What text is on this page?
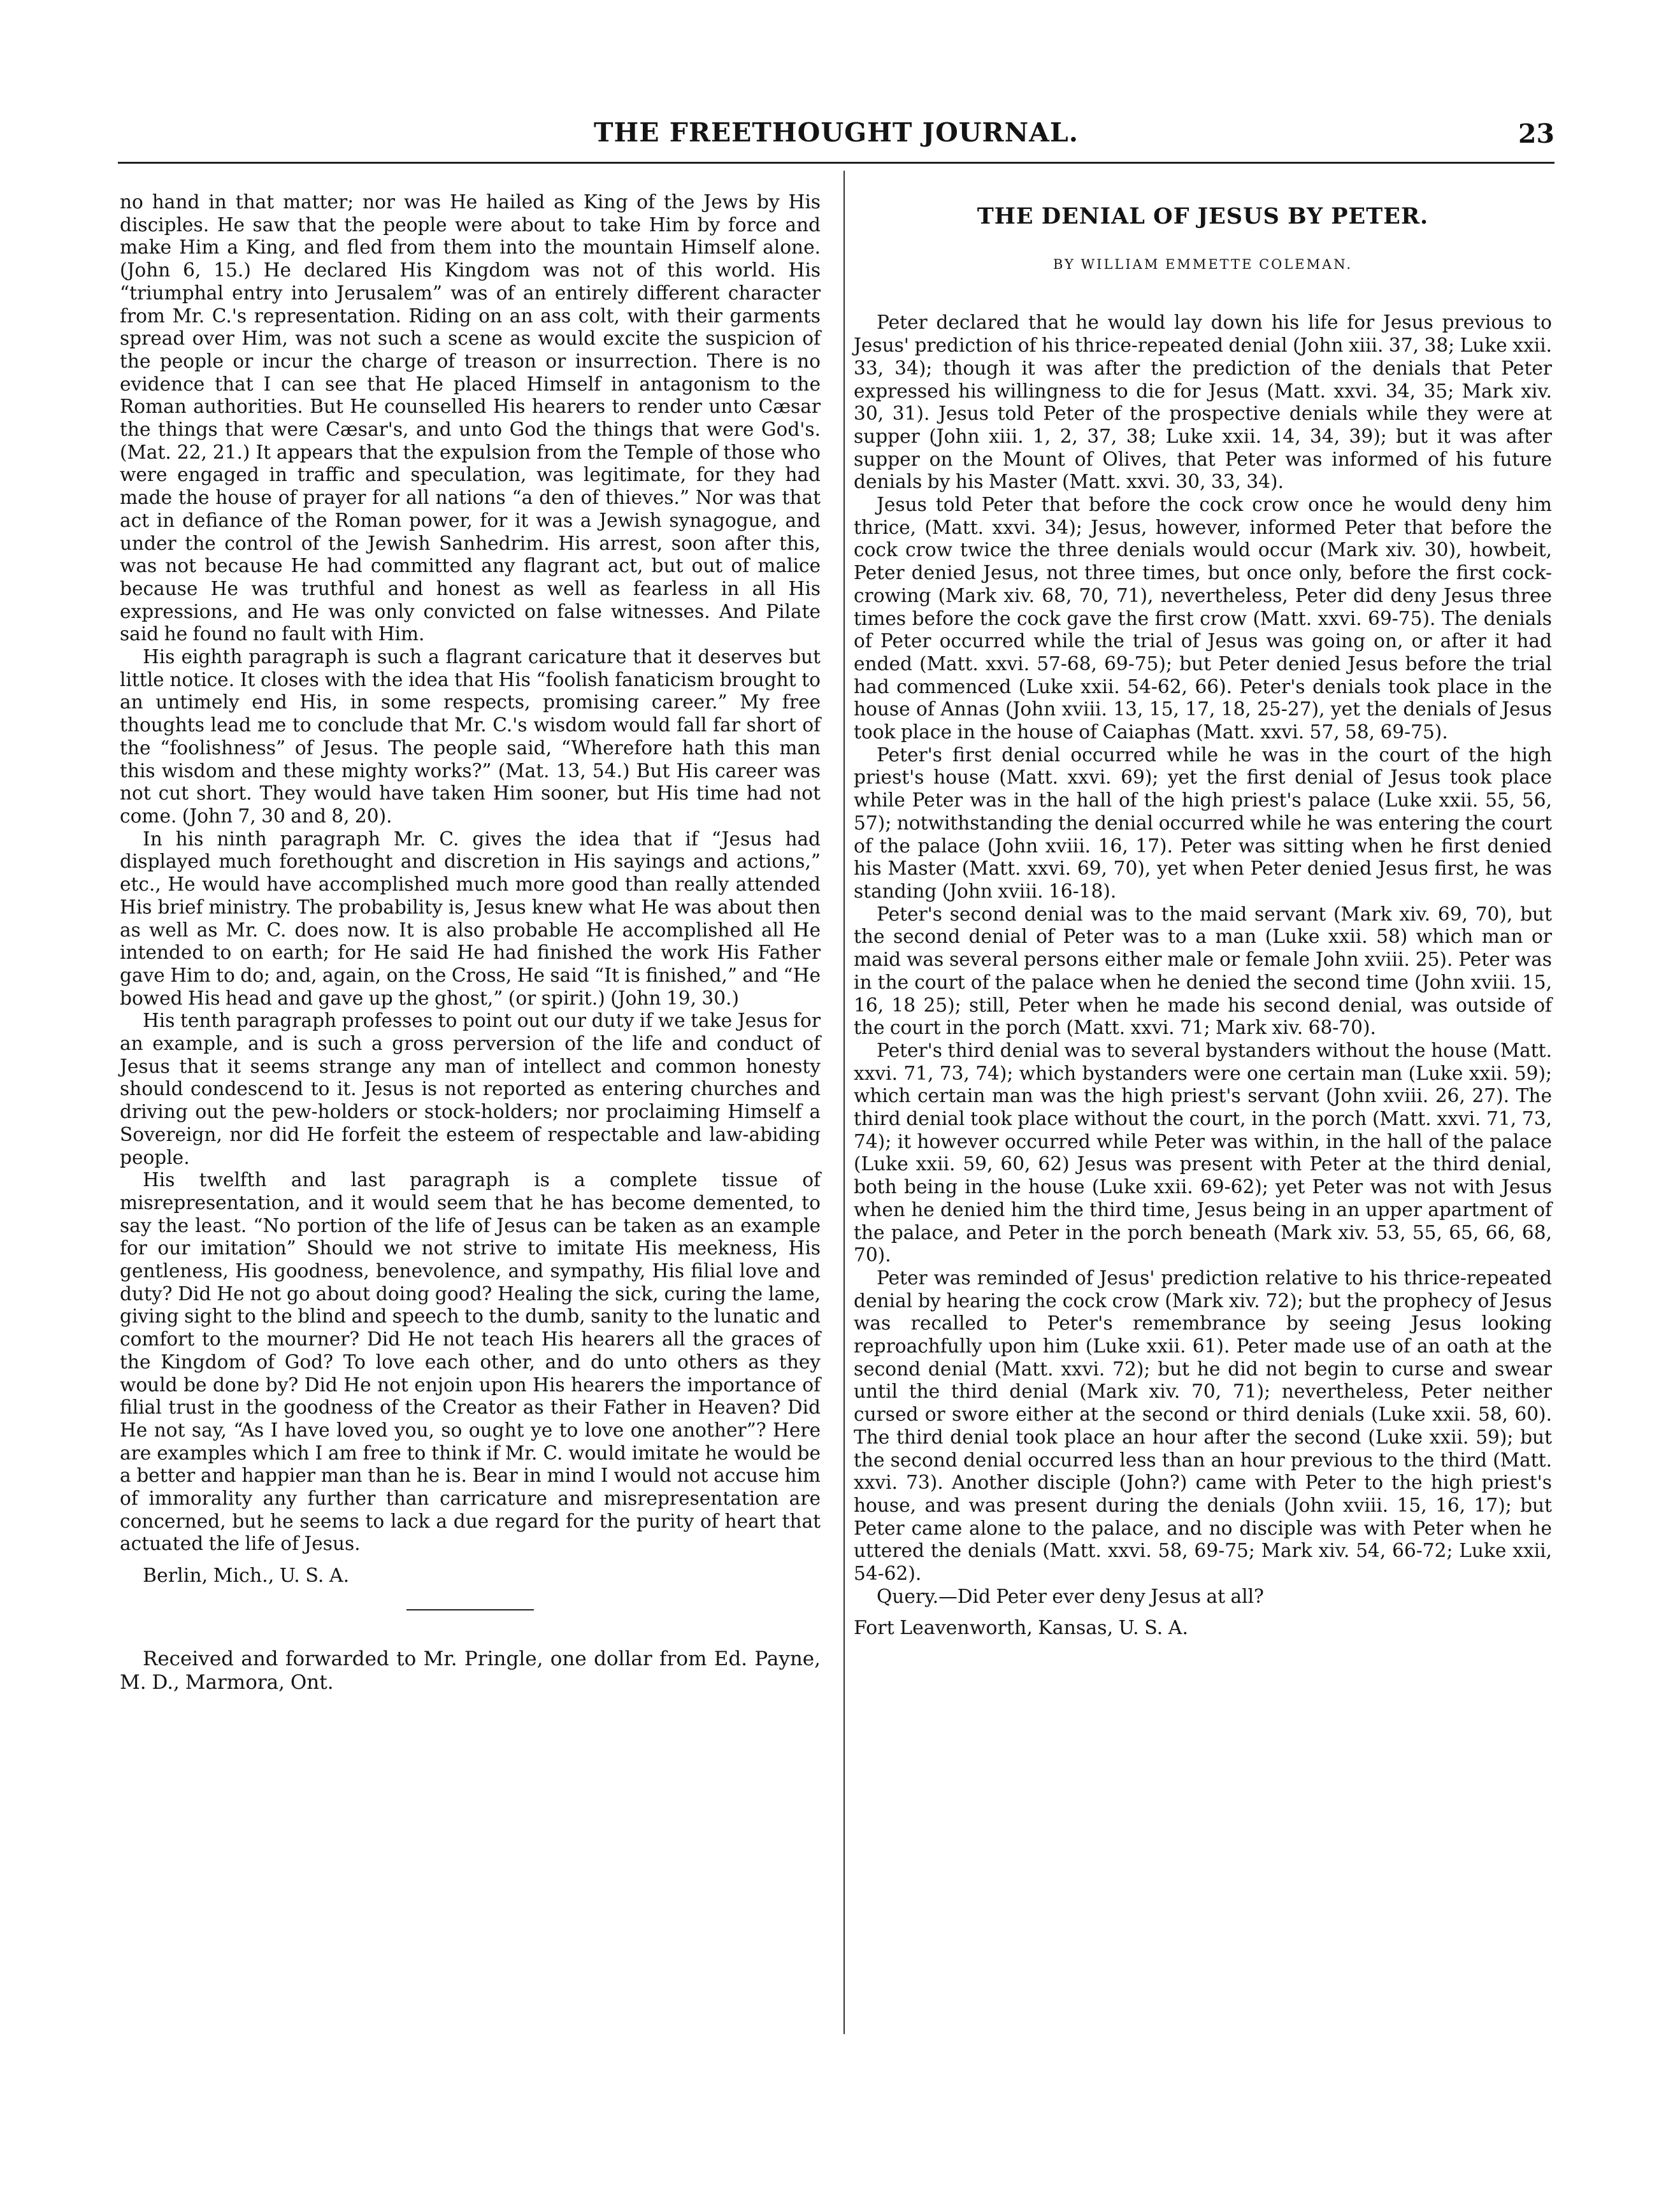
THE FREETHOUGHT JOURNAL.	23

no hand in that matter; nor was He hailed as King of the Jews by His disciples. He saw that the people were about to take Him by force and make Him a King, and fled from them into the mountain Himself alone. (John 6, 15.) He declared His Kingdom was not of this world. His “triumphal entry into Jerusalem” was of an entirely different character from Mr. C.'s representation. Riding on an ass colt, with their garments spread over Him, was not such a scene as would excite the suspicion of the people or incur the charge of treason or insurrection. There is no evidence that I can see that He placed Himself in antagonism to the Roman authorities. But He counselled His hearers to render unto Cæsar the things that were Cæsar's, and unto God the things that were God's. (Mat. 22, 21.) It appears that the expulsion from the Temple of those who were engaged in traffic and speculation, was legitimate, for they had made the house of prayer for all nations “a den of thieves.” Nor was that act in defiance of the Roman power, for it was a Jewish synagogue, and under the control of the Jewish Sanhedrim. His arrest, soon after this, was not because He had committed any flagrant act, but out of malice because He was truthful and honest as well as fearless in all His expressions, and He was only convicted on false witnesses. And Pilate said he found no fault with Him.

His eighth paragraph is such a flagrant caricature that it deserves but little notice. It closes with the idea that His “foolish fanaticism brought to an untimely end His, in some respects, promising career.” My free thoughts lead me to conclude that Mr. C.'s wisdom would fall far short of the “foolishness” of Jesus. The people said, “Wherefore hath this man this wisdom and these mighty works?” (Mat. 13, 54.) But His career was not cut short. They would have taken Him sooner, but His time had not come. (John 7, 30 and 8, 20).

In his ninth paragraph Mr. C. gives the idea that if “Jesus had displayed much forethought and discretion in His sayings and actions,” etc., He would have accomplished much more good than really attended His brief ministry. The probability is, Jesus knew what He was about then as well as Mr. C. does now. It is also probable He accomplished all He intended to on earth; for He said He had finished the work His Father gave Him to do; and, again, on the Cross, He said “It is finished,” and “He bowed His head and gave up the ghost,” (or spirit.) (John 19, 30.)

His tenth paragraph professes to point out our duty if we take Jesus for an example, and is such a gross perversion of the life and conduct of Jesus that it seems strange any man of intellect and common honesty should condescend to it. Jesus is not reported as entering churches and driving out the pew-holders or stock-holders; nor proclaiming Himself a Sovereign, nor did He forfeit the esteem of respectable and law-abiding people.

His twelfth and last paragraph is a complete tissue of misrepresentation, and it would seem that he has become demented, to say the least. “No portion of the life of Jesus can be taken as an example for our imitation” Should we not strive to imitate His meekness, His gentleness, His goodness, benevolence, and sympathy, His filial love and duty? Did He not go about doing good? Healing the sick, curing the lame, giving sight to the blind and speech to the dumb, sanity to the lunatic and comfort to the mourner? Did He not teach His hearers all the graces of the Kingdom of God? To love each other, and do unto others as they would be done by? Did He not enjoin upon His hearers the importance of filial trust in the goodness of the Creator as their Father in Heaven? Did He not say, “As I have loved you, so ought ye to love one another”? Here are examples which I am free to think if Mr. C. would imitate he would be a better and happier man than he is. Bear in mind I would not accuse him of immorality any further than carricature and misrepresentation are concerned, but he seems to lack a due regard for the purity of heart that actuated the life of Jesus.

Berlin, Mich., U. S. A.
Received and forwarded to Mr. Pringle, one dollar from Ed. Payne, M. D., Marmora, Ont.
THE DENIAL OF JESUS BY PETER.
BY WILLIAM EMMETTE COLEMAN.

Peter declared that he would lay down his life for Jesus previous to Jesus' prediction of his thrice-repeated denial (John xiii. 37, 38; Luke xxii. 33, 34); though it was after the prediction of the denials that Peter expressed his willingness to die for Jesus (Matt. xxvi. 34, 35; Mark xiv. 30, 31). Jesus told Peter of the prospective denials while they were at supper (John xiii. 1, 2, 37, 38; Luke xxii. 14, 34, 39); but it was after supper on the Mount of Olives, that Peter was informed of his future denials by his Master (Matt. xxvi. 30, 33, 34).

Jesus told Peter that before the cock crow once he would deny him thrice, (Matt. xxvi. 34); Jesus, however, informed Peter that before the cock crow twice the three denials would occur (Mark xiv. 30), howbeit, Peter denied Jesus, not three times, but once only, before the first cock-crowing (Mark xiv. 68, 70, 71), nevertheless, Peter did deny Jesus three times before the cock gave the first crow (Matt. xxvi. 69-75). The denials of Peter occurred while the trial of Jesus was going on, or after it had ended (Matt. xxvi. 57-68, 69-75); but Peter denied Jesus before the trial had commenced (Luke xxii. 54-62, 66). Peter's denials took place in the house of Annas (John xviii. 13, 15, 17, 18, 25-27), yet the denials of Jesus took place in the house of Caiaphas (Matt. xxvi. 57, 58, 69-75).

Peter's first denial occurred while he was in the court of the high priest's house (Matt. xxvi. 69); yet the first denial of Jesus took place while Peter was in the hall of the high priest's palace (Luke xxii. 55, 56, 57); notwithstanding the denial occurred while he was entering the court of the palace (John xviii. 16, 17). Peter was sitting when he first denied his Master (Matt. xxvi. 69, 70), yet when Peter denied Jesus first, he was standing (John xviii. 16-18).

Peter's second denial was to the maid servant (Mark xiv. 69, 70), but the second denial of Peter was to a man (Luke xxii. 58) which man or maid was several persons either male or female John xviii. 25). Peter was in the court of the palace when he denied the second time (John xviii. 15, 16, 18 25); still, Peter when he made his second denial, was outside of the court in the porch (Matt. xxvi. 71; Mark xiv. 68-70).

Peter's third denial was to several bystanders without the house (Matt. xxvi. 71, 73, 74); which bystanders were one certain man (Luke xxii. 59); which certain man was the high priest's servant (John xviii. 26, 27). The third denial took place without the court, in the porch (Matt. xxvi. 71, 73, 74); it however occurred while Peter was within, in the hall of the palace (Luke xxii. 59, 60, 62) Jesus was present with Peter at the third denial, both being in the house (Luke xxii. 69-62); yet Peter was not with Jesus when he denied him the third time, Jesus being in an upper apartment of the palace, and Peter in the porch beneath (Mark xiv. 53, 55, 65, 66, 68, 70).

Peter was reminded of Jesus' prediction relative to his thrice-repeated denial by hearing the cock crow (Mark xiv. 72); but the prophecy of Jesus was recalled to Peter's remembrance by seeing Jesus looking reproachfully upon him (Luke xxii. 61). Peter made use of an oath at the second denial (Matt. xxvi. 72); but he did not begin to curse and swear until the third denial (Mark xiv. 70, 71); nevertheless, Peter neither cursed or swore either at the second or third denials (Luke xxii. 58, 60). The third denial took place an hour after the second (Luke xxii. 59); but the second denial occurred less than an hour previous to the third (Matt. xxvi. 73). Another disciple (John?) came with Peter to the high priest's house, and was present during the denials (John xviii. 15, 16, 17); but Peter came alone to the palace, and no disciple was with Peter when he uttered the denials (Matt. xxvi. 58, 69-75; Mark xiv. 54, 66-72; Luke xxii, 54-62).

Query.—Did Peter ever deny Jesus at all?

Fort Leavenworth, Kansas, U. S. A.
